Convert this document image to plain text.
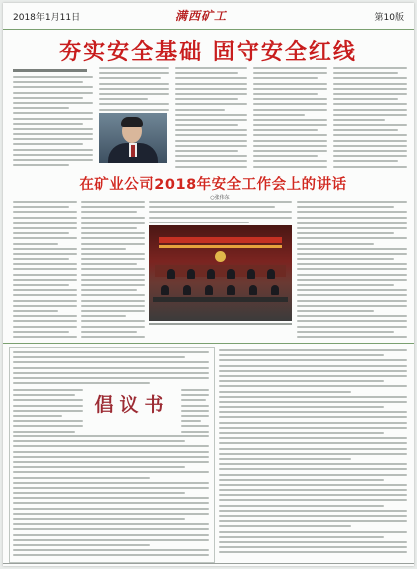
2018年1月11日	满西矿工	第10版
夯实安全基础 固守安全红线
在矿业公司2018年安全工作会上的讲话
○张伟东
倡议书
